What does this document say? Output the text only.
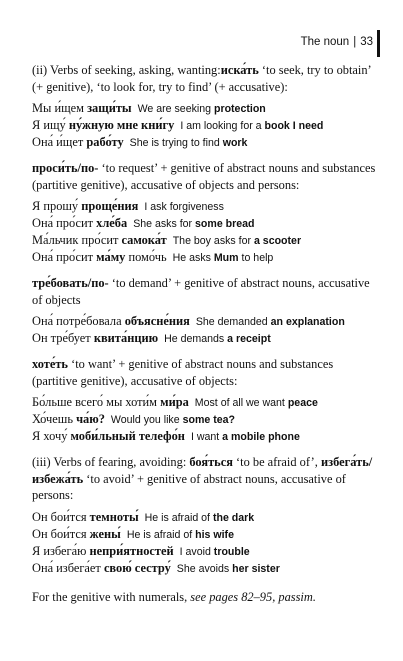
The noun | 33

(ii) Verbs of seeking, asking, wanting:иска́ть ‘to seek, try to obtain’ (+ genitive), ‘to look for, try to find’ (+ accusative):

Мы и́щем защи́ты We are seeking protection
Я ищу́ ну́жную мне кни́гу I am looking for a book I need
Она́ и́щет рабо́ту She is trying to find work

проси́ть/по- ‘to request’ + genitive of abstract nouns and substances (partitive genitive), accusative of objects and persons:

Я прошу́ проще́ния I ask forgiveness
Она́ про́сит хле́ба She asks for some bread
Ма́льчик про́сит самока́т The boy asks for a scooter
Она́ про́сит ма́му помо́чь He asks Mum to help

тре́бовать/по- ‘to demand’ + genitive of abstract nouns, accusative of objects

Она́ потре́бовала объясне́ния She demanded an explanation
Он тре́бует квита́нцию He demands a receipt

хоте́ть ‘to want’ + genitive of abstract nouns and substances (partitive genitive), accusative of objects:

Бо́льше всего́ мы хоти́м ми́ра Most of all we want peace
Хо́чешь ча́ю? Would you like some tea?
Я хочу́ моби́льный телефо́н I want a mobile phone

(iii) Verbs of fearing, avoiding: боя́ться ‘to be afraid of’, избега́ть/избежа́ть ‘to avoid’ + genitive of abstract nouns, accusative of persons:

Он бои́тся темноты́ He is afraid of the dark
Он бои́тся жены́ He is afraid of his wife
Я избега́ю непри́ятностей I avoid trouble
Она́ избега́ет свою́ сестру́ She avoids her sister

For the genitive with numerals, see pages 82–95, passim.
